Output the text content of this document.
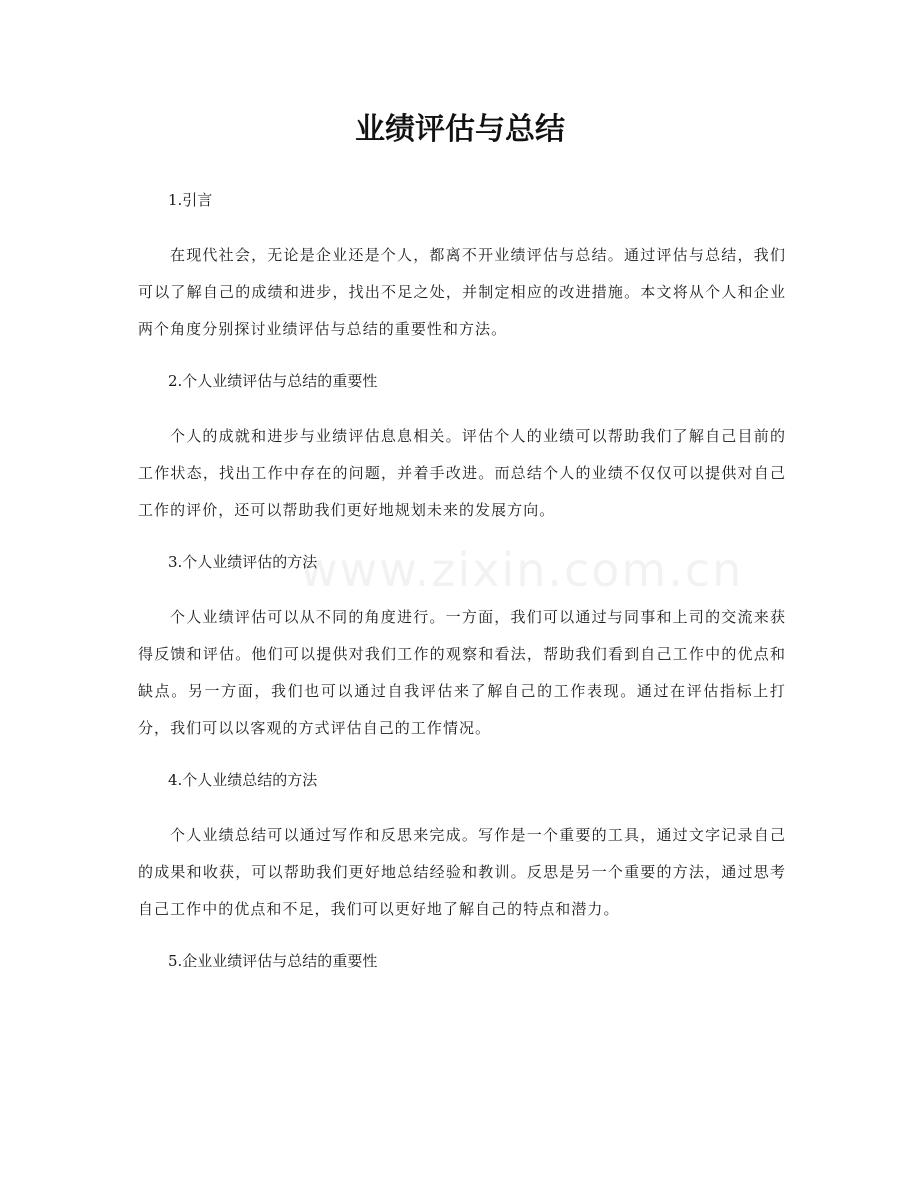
业绩评估与总结
www.zixin.com.cn

1.引言

在现代社会，无论是企业还是个人，都离不开业绩评估与总结。通过评估与总结，我们可以了解自己的成绩和进步，找出不足之处，并制定相应的改进措施。本文将从个人和企业两个角度分别探讨业绩评估与总结的重要性和方法。

2.个人业绩评估与总结的重要性

个人的成就和进步与业绩评估息息相关。评估个人的业绩可以帮助我们了解自己目前的工作状态，找出工作中存在的问题，并着手改进。而总结个人的业绩不仅仅可以提供对自己工作的评价，还可以帮助我们更好地规划未来的发展方向。

3.个人业绩评估的方法

个人业绩评估可以从不同的角度进行。一方面，我们可以通过与同事和上司的交流来获得反馈和评估。他们可以提供对我们工作的观察和看法，帮助我们看到自己工作中的优点和缺点。另一方面，我们也可以通过自我评估来了解自己的工作表现。通过在评估指标上打分，我们可以以客观的方式评估自己的工作情况。

4.个人业绩总结的方法

个人业绩总结可以通过写作和反思来完成。写作是一个重要的工具，通过文字记录自己的成果和收获，可以帮助我们更好地总结经验和教训。反思是另一个重要的方法，通过思考自己工作中的优点和不足，我们可以更好地了解自己的特点和潜力。

5.企业业绩评估与总结的重要性
